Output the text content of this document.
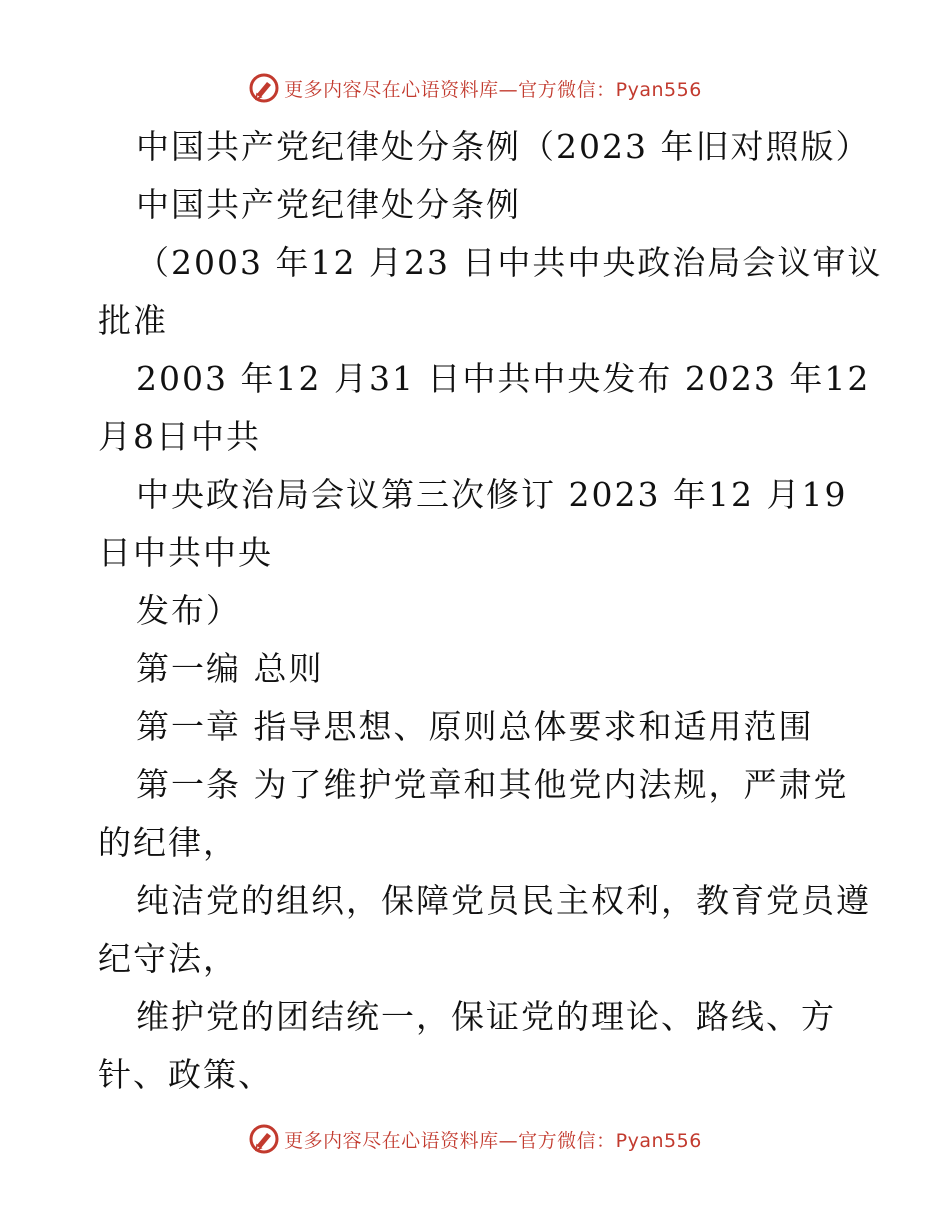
更多内容尽在心语资料库—官方微信：Pyan556
中国共产党纪律处分条例（2023 年旧对照版）
中国共产党纪律处分条例
（2003 年12 月23 日中共中央政治局会议审议
批准
2003 年12 月31 日中共中央发布 2023 年12
月8日中共
中央政治局会议第三次修订 2023 年12 月19
日中共中央
发布）
第一编 总则
第一章 指导思想、原则总体要求和适用范围
第一条 为了维护党章和其他党内法规，严肃党
的纪律，
纯洁党的组织，保障党员民主权利，教育党员遵
纪守法，
维护党的团结统一，保证党的理论、路线、方
针、政策、
更多内容尽在心语资料库—官方微信：Pyan556
